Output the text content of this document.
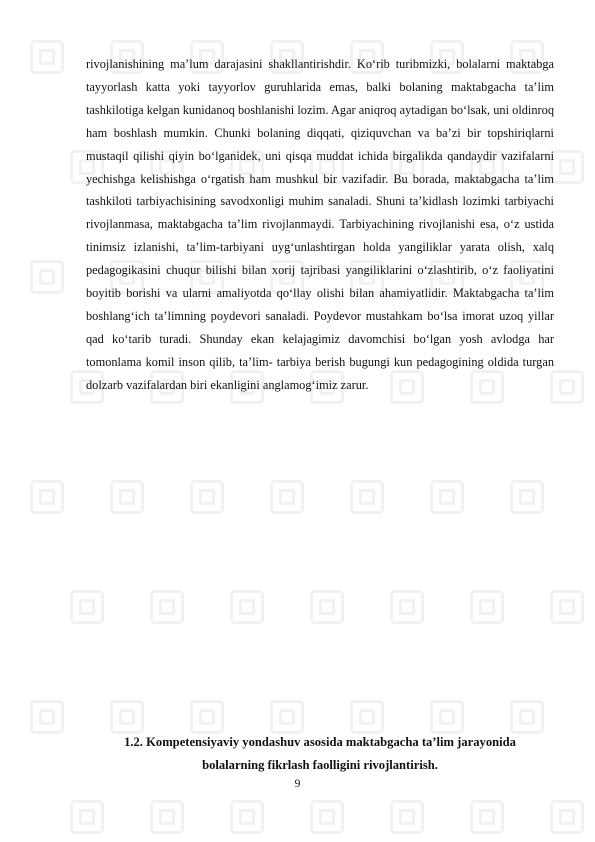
rivojlanishining ma’lum darajasini shakllantirishdir. Ko‘rib turibmizki, bolalarni maktabga tayyorlash katta yoki tayyorlov guruhlarida emas, balki bolaning maktabgacha ta’lim tashkilotiga kelgan kunidanoq boshlanishi lozim. Agar aniqroq aytadigan bo‘lsak, uni oldinroq ham boshlash mumkin. Chunki bolaning diqqati, qiziquvchan va ba’zi bir topshiriqlarni mustaqil qilishi qiyin bo‘lganidek, uni qisqa muddat ichida birgalikda qandaydir vazifalarni yechishga kelishishga o‘rgatish ham mushkul bir vazifadir. Bu borada, maktabgacha ta’lim tashkiloti tarbiyachisining savodxonligi muhim sanaladi. Shuni ta’kidlash lozimki tarbiyachi rivojlanmasa, maktabgacha ta’lim rivojlanmaydi. Tarbiyachining rivojlanishi esa, o‘z ustida tinimsiz izlanishi, ta’lim-tarbiyani uyg‘unlashtirgan holda yangiliklar yarata olish, xalq pedagogikasini chuqur bilishi bilan xorij tajribasi yangiliklarini o‘zlashtirib, o‘z faoliyatini boyitib borishi va ularni amaliyotda qo‘llay olishi bilan ahamiyatlidir. Maktabgacha ta’lim boshlang‘ich ta’limning poydevori sanaladi. Poydevor mustahkam bo‘lsa imorat uzoq yillar qad ko‘tarib turadi. Shunday ekan kelajagimiz davomchisi bo‘lgan yosh avlodga har tomonlama komil inson qilib, ta’lim- tarbiya berish bugungi kun pedagogining oldida turgan dolzarb vazifalardan biri ekanligini anglamog‘imiz zarur.

1.2. Kompetensiyaviy yondashuv asosida maktabgacha ta’lim jarayonida
bolalarning fikrlash faolligini rivojlantirish.
9
